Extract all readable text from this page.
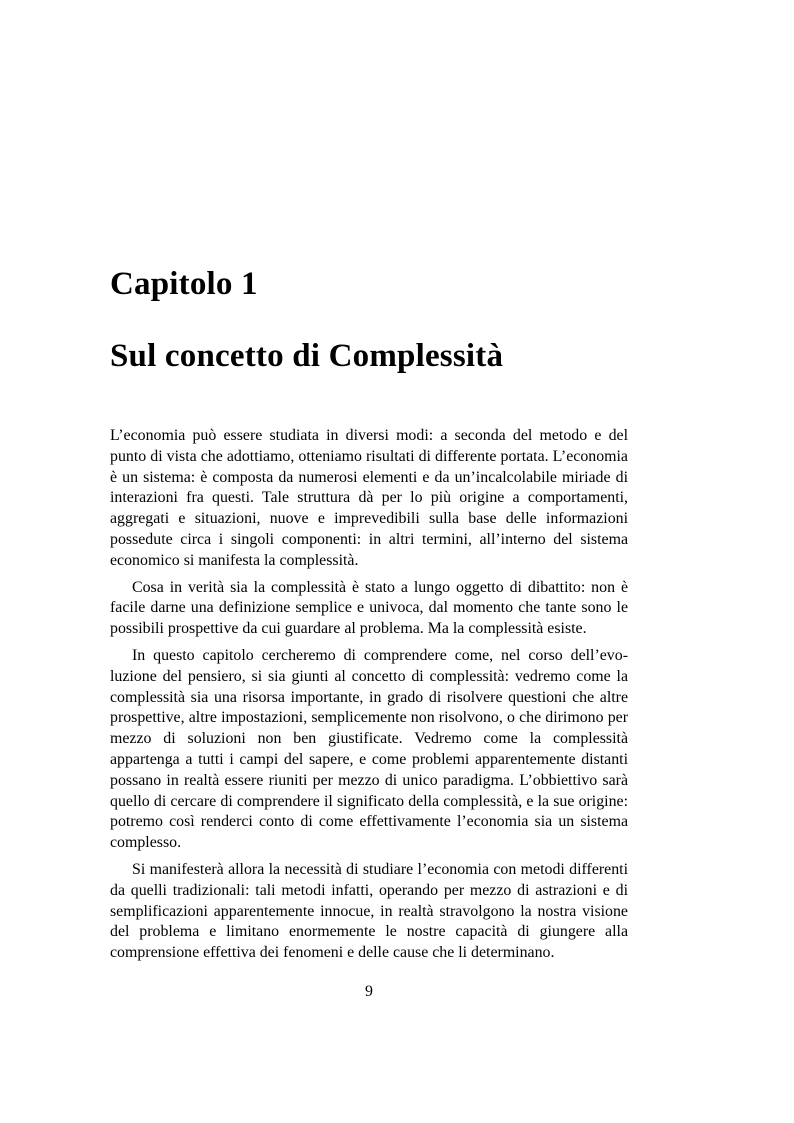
Capitolo 1
Sul concetto di Complessità

L’economia può essere studiata in diversi modi: a seconda del metodo e del punto di vista che adottiamo, otteniamo risultati di differente portata. L’economia è un sistema: è composta da numerosi elementi e da un’incalcolabile miriade di interazioni fra questi. Tale struttura dà per lo più origine a comportamenti, aggregati e situazioni, nuove e imprevedibili sulla base delle informazioni possedute circa i singoli componenti: in altri termini, all’interno del sistema economico si manifesta la complessità.

Cosa in verità sia la complessità è stato a lungo oggetto di dibattito: non è facile darne una definizione semplice e univoca, dal momento che tante sono le possibili prospettive da cui guardare al problema. Ma la complessità esiste.

In questo capitolo cercheremo di comprendere come, nel corso dell’evoluzione del pensiero, si sia giunti al concetto di complessità: vedremo come la complessità sia una risorsa importante, in grado di risolvere questioni che altre prospettive, altre impostazioni, semplicemente non risolvono, o che dirimono per mezzo di soluzioni non ben giustificate. Vedremo come la complessità appartenga a tutti i campi del sapere, e come problemi apparentemente distanti possano in realtà essere riuniti per mezzo di unico paradigma. L’obbiettivo sarà quello di cercare di comprendere il significato della complessità, e la sue origine: potremo così renderci conto di come effettivamente l’economia sia un sistema complesso.

Si manifesterà allora la necessità di studiare l’economia con metodi differenti da quelli tradizionali: tali metodi infatti, operando per mezzo di astrazioni e di semplificazioni apparentemente innocue, in realtà stravolgono la nostra visione del problema e limitano enormemente le nostre capacità di giungere alla comprensione effettiva dei fenomeni e delle cause che li determinano.

9
